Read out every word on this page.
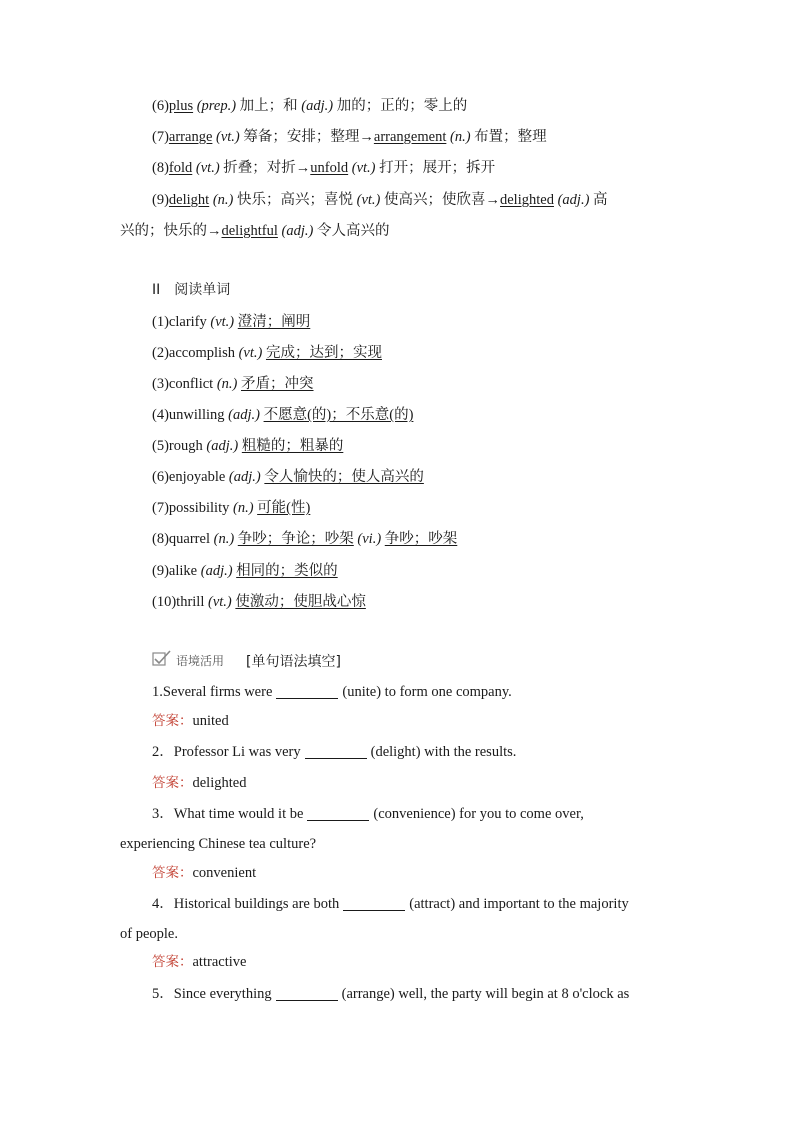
(6)plus (prep.) 加上；和 (adj.) 加的；正的；零上的
(7)arrange (vt.) 筹备；安排；整理→arrangement (n.) 布置；整理
(8)fold (vt.) 折叠；对折→unfold (vt.) 打开；展开；拆开
(9)delight (n.) 快乐；高兴；喜悦 (vt.) 使高兴；使欣喜→delighted (adj.) 高
兴的；快乐的→delightful (adj.) 令人高兴的
II 阅读单词
(1)clarify (vt.) 澄清；阐明
(2)accomplish (vt.) 完成；达到；实现
(3)conflict (n.) 矛盾；冲突
(4)unwilling (adj.) 不愿意(的)；不乐意(的)
(5)rough (adj.) 粗糙的；粗暴的
(6)enjoyable (adj.) 令人愉快的；使人高兴的
(7)possibility (n.) 可能(性)
(8)quarrel (n.) 争吵；争论；吵架 (vi.) 争吵；吵架
(9)alike (adj.) 相同的；类似的
(10)thrill (vt.) 使激动；使胆战心惊
语境活用 [单句语法填空]
1.Several firms were	(unite) to form one company.
答案：united
2．Professor Li was very	(delight) with the results.
答案：delighted
3．What time would it be	(convenience) for you to come over,
experiencing Chinese tea culture?
答案：convenient
4．Historical buildings are both	(attract) and important to the majority
of people.
答案：attractive
5．Since everything	(arrange) well, the party will begin at 8 o'clock as
